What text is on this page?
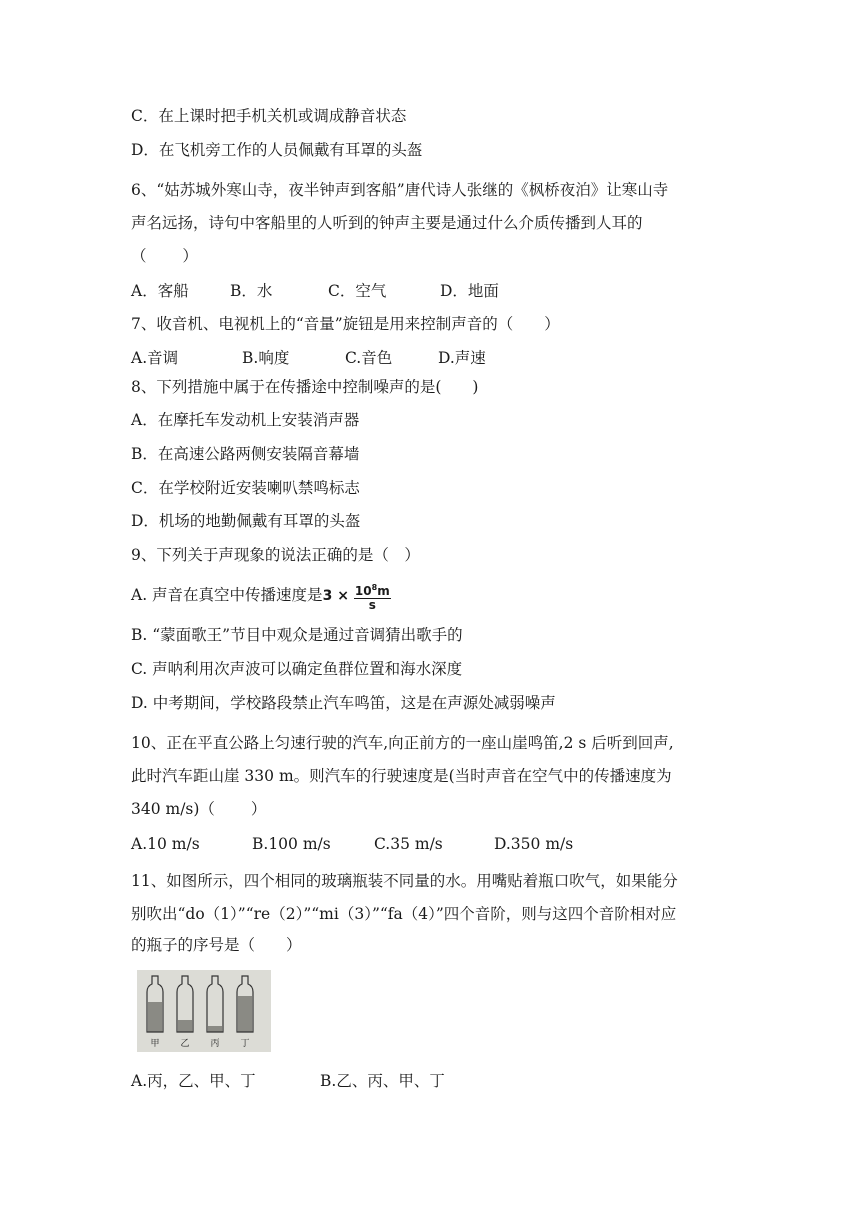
C．在上课时把手机关机或调成静音状态
D．在飞机旁工作的人员佩戴有耳罩的头盔
6、“姑苏城外寒山寺，夜半钟声到客船”唐代诗人张继的《枫桥夜泊》让寒山寺
声名远扬，诗句中客船里的人听到的钟声主要是通过什么介质传播到人耳的
（　　 ）
A．客船	B．水	C．空气	D．地面
7、收音机、电视机上的“音量”旋钮是用来控制声音的（　　）
A.音调	B.响度	C.音色	D.声速
8、下列措施中属于在传播途中控制噪声的是(　　)
A．在摩托车发动机上安装消声器
B．在高速公路两侧安装隔音幕墙
C．在学校附近安装喇叭禁鸣标志
D．机场的地勤佩戴有耳罩的头盔
9、下列关于声现象的说法正确的是（　）
A. 声音在真空中传播速度是$3 \times \frac{10^8m}{s}$
B. “蒙面歌王”节目中观众是通过音调猜出歌手的
C. 声呐利用次声波可以确定鱼群位置和海水深度
D. 中考期间，学校路段禁止汽车鸣笛，这是在声源处减弱噪声
10、正在平直公路上匀速行驶的汽车,向正前方的一座山崖鸣笛,2 s 后听到回声,
此时汽车距山崖 330 m。则汽车的行驶速度是(当时声音在空气中的传播速度为
340 m/s)（　　 ）
A.10 m/s	B.100 m/s	C.35 m/s	D.350 m/s
11、如图所示，四个相同的玻璃瓶装不同量的水。用嘴贴着瓶口吹气，如果能分
别吹出“do（1）”“re（2）”“mi（3）”“fa（4）”四个音阶，则与这四个音阶相对应
的瓶子的序号是（　　）
甲 乙 丙 丁
A.丙，乙、甲、丁	B.乙、丙、甲、丁
